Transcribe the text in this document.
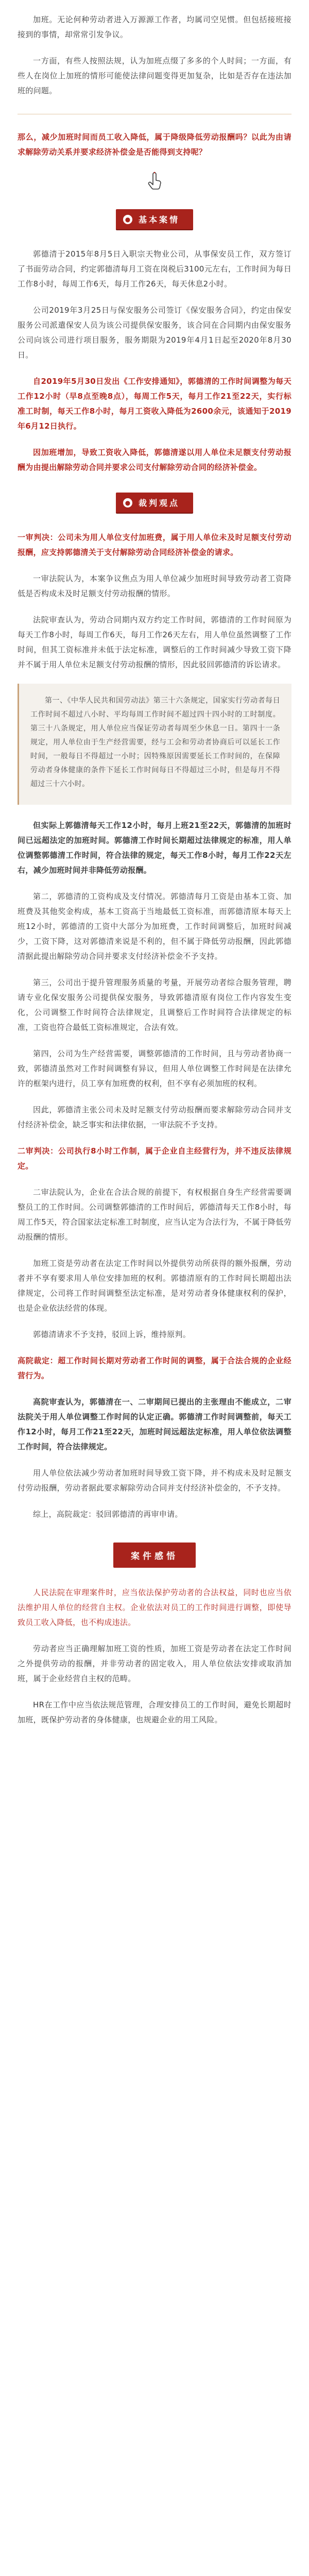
加班。无论何种劳动者进入万源源工作者，均属司空见惯。但包括接班接接到的事情，却常常引发争议。

一方面，有些人按照法规，认为加班点缀了多多的个人时间；一方面，有些人在岗位上加班的情形可能使法律问题变得更加复杂，比如是否存在违法加班的问题。

那么，减少加班时间而员工收入降低，属于降级降低劳动报酬吗？以此为由请求解除劳动关系并要求经济补偿金是否能得到支持呢？

● 基本案情

郭德清于2015年8月5日入职宗天物业公司，从事保安员工作，双方签订了书面劳动合同，约定郭德清每月工资在岗税后3100元左右，工作时间为每日工作8小时，每周工作6天，每月工作26天，每天休息2小时。

公司2019年3月25日与保安服务公司签订《保安服务合同》，约定由保安服务公司派遣保安人员为该公司提供保安服务，该合同在合同期内由保安服务公司向该公司进行项目服务，服务期限为2019年4月1日起至2020年8月30日。

自2019年5月30日发出《工作安排通知》，郭德清的工作时间调整为每天工作12小时（早8点至晚8点），每周工作5天，每月工作21至22天，实行标准工时制，每天工作8小时，每月工资收入降低为2600余元，该通知于2019年6月12日执行。

因加班增加，导致工资收入降低，郭德清遂以用人单位未足额支付劳动报酬为由提出解除劳动合同并要求公司支付解除劳动合同的经济补偿金。

● 裁判观点

一审判决：公司未为用人单位支付加班费，属于用人单位未及时足额支付劳动报酬，应支持郭德清关于支付解除劳动合同经济补偿金的请求。

一审法院认为，本案争议焦点为用人单位减少加班时间导致劳动者工资降低是否构成未及时足额支付劳动报酬的情形。

法院审查认为，劳动合同期内双方约定工作时间，郭德清的工作时间原为每天工作8小时，每周工作6天，每月工作26天左右，用人单位虽然调整了工作时间，但其工资标准并未低于法定标准，调整后的工作时间减少导致工资下降并不属于用人单位未足额支付劳动报酬的情形，因此驳回郭德清的诉讼请求。

第一、《中华人民共和国劳动法》第三十六条规定，国家实行劳动者每日工作时间不超过八小时、平均每周工作时间不超过四十四小时的工时制度。第三十八条规定，用人单位应当保证劳动者每周至少休息一日。第四十一条规定，用人单位由于生产经营需要，经与工会和劳动者协商后可以延长工作时间，一般每日不得超过一小时；因特殊原因需要延长工作时间的，在保障劳动者身体健康的条件下延长工作时间每日不得超过三小时，但是每月不得超过三十六小时。

但实际上郭德清每天工作12小时，每月上班21至22天，郭德清的加班时间已远超法定的加班时间。郭德清工作时间长期超过法律规定的标准，用人单位调整郭德清工作时间，符合法律的规定，每天工作8小时，每月工作22天左右，减少加班时间并非降低劳动报酬。

第二，郭德清的工资构成及支付情况。郭德清每月工资是由基本工资、加班费及其他奖金构成，基本工资高于当地最低工资标准，而郭德清原本每天上班12小时，郭德清的工资中大部分为加班费，工作时间调整后，加班时间减少，工资下降，这对郭德清来说是不利的，但不属于降低劳动报酬，因此郭德清据此提出解除劳动合同并要求支付经济补偿金不予支持。

第三，公司出于提升管理服务质量的考量，开展劳动者综合服务管理，聘请专业化保安服务公司提供保安服务，导致郭德清原有岗位工作内容发生变化，公司调整工作时间符合法律规定，且调整后工作时间符合法律规定的标准，工资也符合最低工资标准规定，合法有效。

第四，公司为生产经营需要，调整郭德清的工作时间，且与劳动者协商一致，郭德清虽然对工作时间调整有异议，但用人单位调整工作时间是在法律允许的框架内进行，员工享有加班费的权利，但不享有必须加班的权利。

因此，郭德清主张公司未及时足额支付劳动报酬而要求解除劳动合同并支付经济补偿金，缺乏事实和法律依据，一审法院不予支持。

二审判决：公司执行8小时工作制，属于企业自主经营行为，并不违反法律规定。

二审法院认为，企业在合法合规的前提下，有权根据自身生产经营需要调整员工的工作时间。公司调整郭德清的工作时间后，郭德清每天工作8小时，每周工作5天，符合国家法定标准工时制度，应当认定为合法行为，不属于降低劳动报酬的情形。

加班工资是劳动者在法定工作时间以外提供劳动所获得的额外报酬，劳动者并不享有要求用人单位安排加班的权利。郭德清原有的工作时间长期超出法律规定，公司将工作时间调整至法定标准，是对劳动者身体健康权利的保护，也是企业依法经营的体现。

郭德清请求不予支持，驳回上诉，维持原判。

高院裁定：超工作时间长期对劳动者工作时间的调整，属于合法合规的企业经营行为。

高院审查认为，郭德清在一、二审期间已提出的主张理由不能成立，二审法院关于用人单位调整工作时间的认定正确。郭德清工作时间调整前，每天工作12小时，每月工作21至22天，加班时间远超法定标准，用人单位依法调整工作时间，符合法律规定。

用人单位依法减少劳动者加班时间导致工资下降，并不构成未及时足额支付劳动报酬，劳动者据此要求解除劳动合同并支付经济补偿金的，不予支持。

综上，高院裁定：驳回郭德清的再审申请。

案件感悟

人民法院在审理案件时，应当依法保护劳动者的合法权益，同时也应当依法维护用人单位的经营自主权。企业依法对员工的工作时间进行调整，即使导致员工收入降低，也不构成违法。

劳动者应当正确理解加班工资的性质，加班工资是劳动者在法定工作时间之外提供劳动的报酬，并非劳动者的固定收入，用人单位依法安排或取消加班，属于企业经营自主权的范畴。

HR在工作中应当依法规范管理，合理安排员工的工作时间，避免长期超时加班，既保护劳动者的身体健康，也规避企业的用工风险。
